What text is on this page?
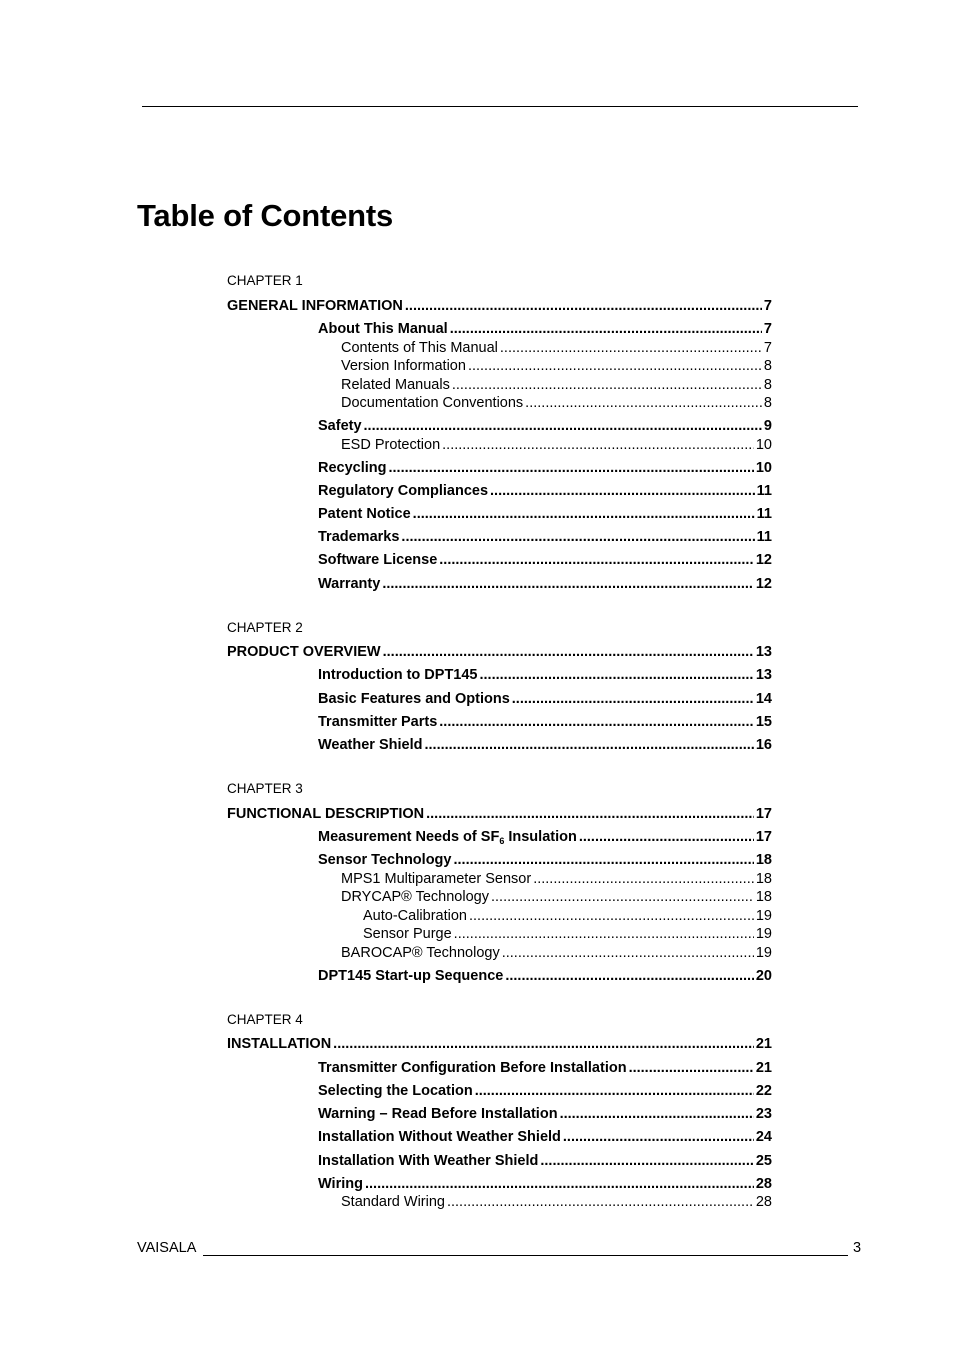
Table of Contents
CHAPTER 1
GENERAL INFORMATION .....	7
About This Manual .....	7
Contents of This Manual .....	7
Version Information .....	8
Related Manuals .....	8
Documentation Conventions .....	8
Safety .....	9
ESD Protection .....	10
Recycling .....	10
Regulatory Compliances .....	11
Patent Notice .....	11
Trademarks .....	11
Software License .....	12
Warranty .....	12
CHAPTER 2
PRODUCT OVERVIEW .....	13
Introduction to DPT145 .....	13
Basic Features and Options .....	14
Transmitter Parts .....	15
Weather Shield .....	16
CHAPTER 3
FUNCTIONAL DESCRIPTION .....	17
Measurement Needs of $SF_6$ Insulation .....	17
Sensor Technology .....	18
MPS1 Multiparameter Sensor .....	18
DRYCAP® Technology .....	18
Auto-Calibration .....	19
Sensor Purge .....	19
BAROCAP® Technology .....	19
DPT145 Start-up Sequence .....	20
CHAPTER 4
INSTALLATION .....	21
Transmitter Configuration Before Installation .....	21
Selecting the Location .....	22
Warning – Read Before Installation .....	23
Installation Without Weather Shield .....	24
Installation With Weather Shield .....	25
Wiring .....	28
Standard Wiring .....	28
VAISALA	3
